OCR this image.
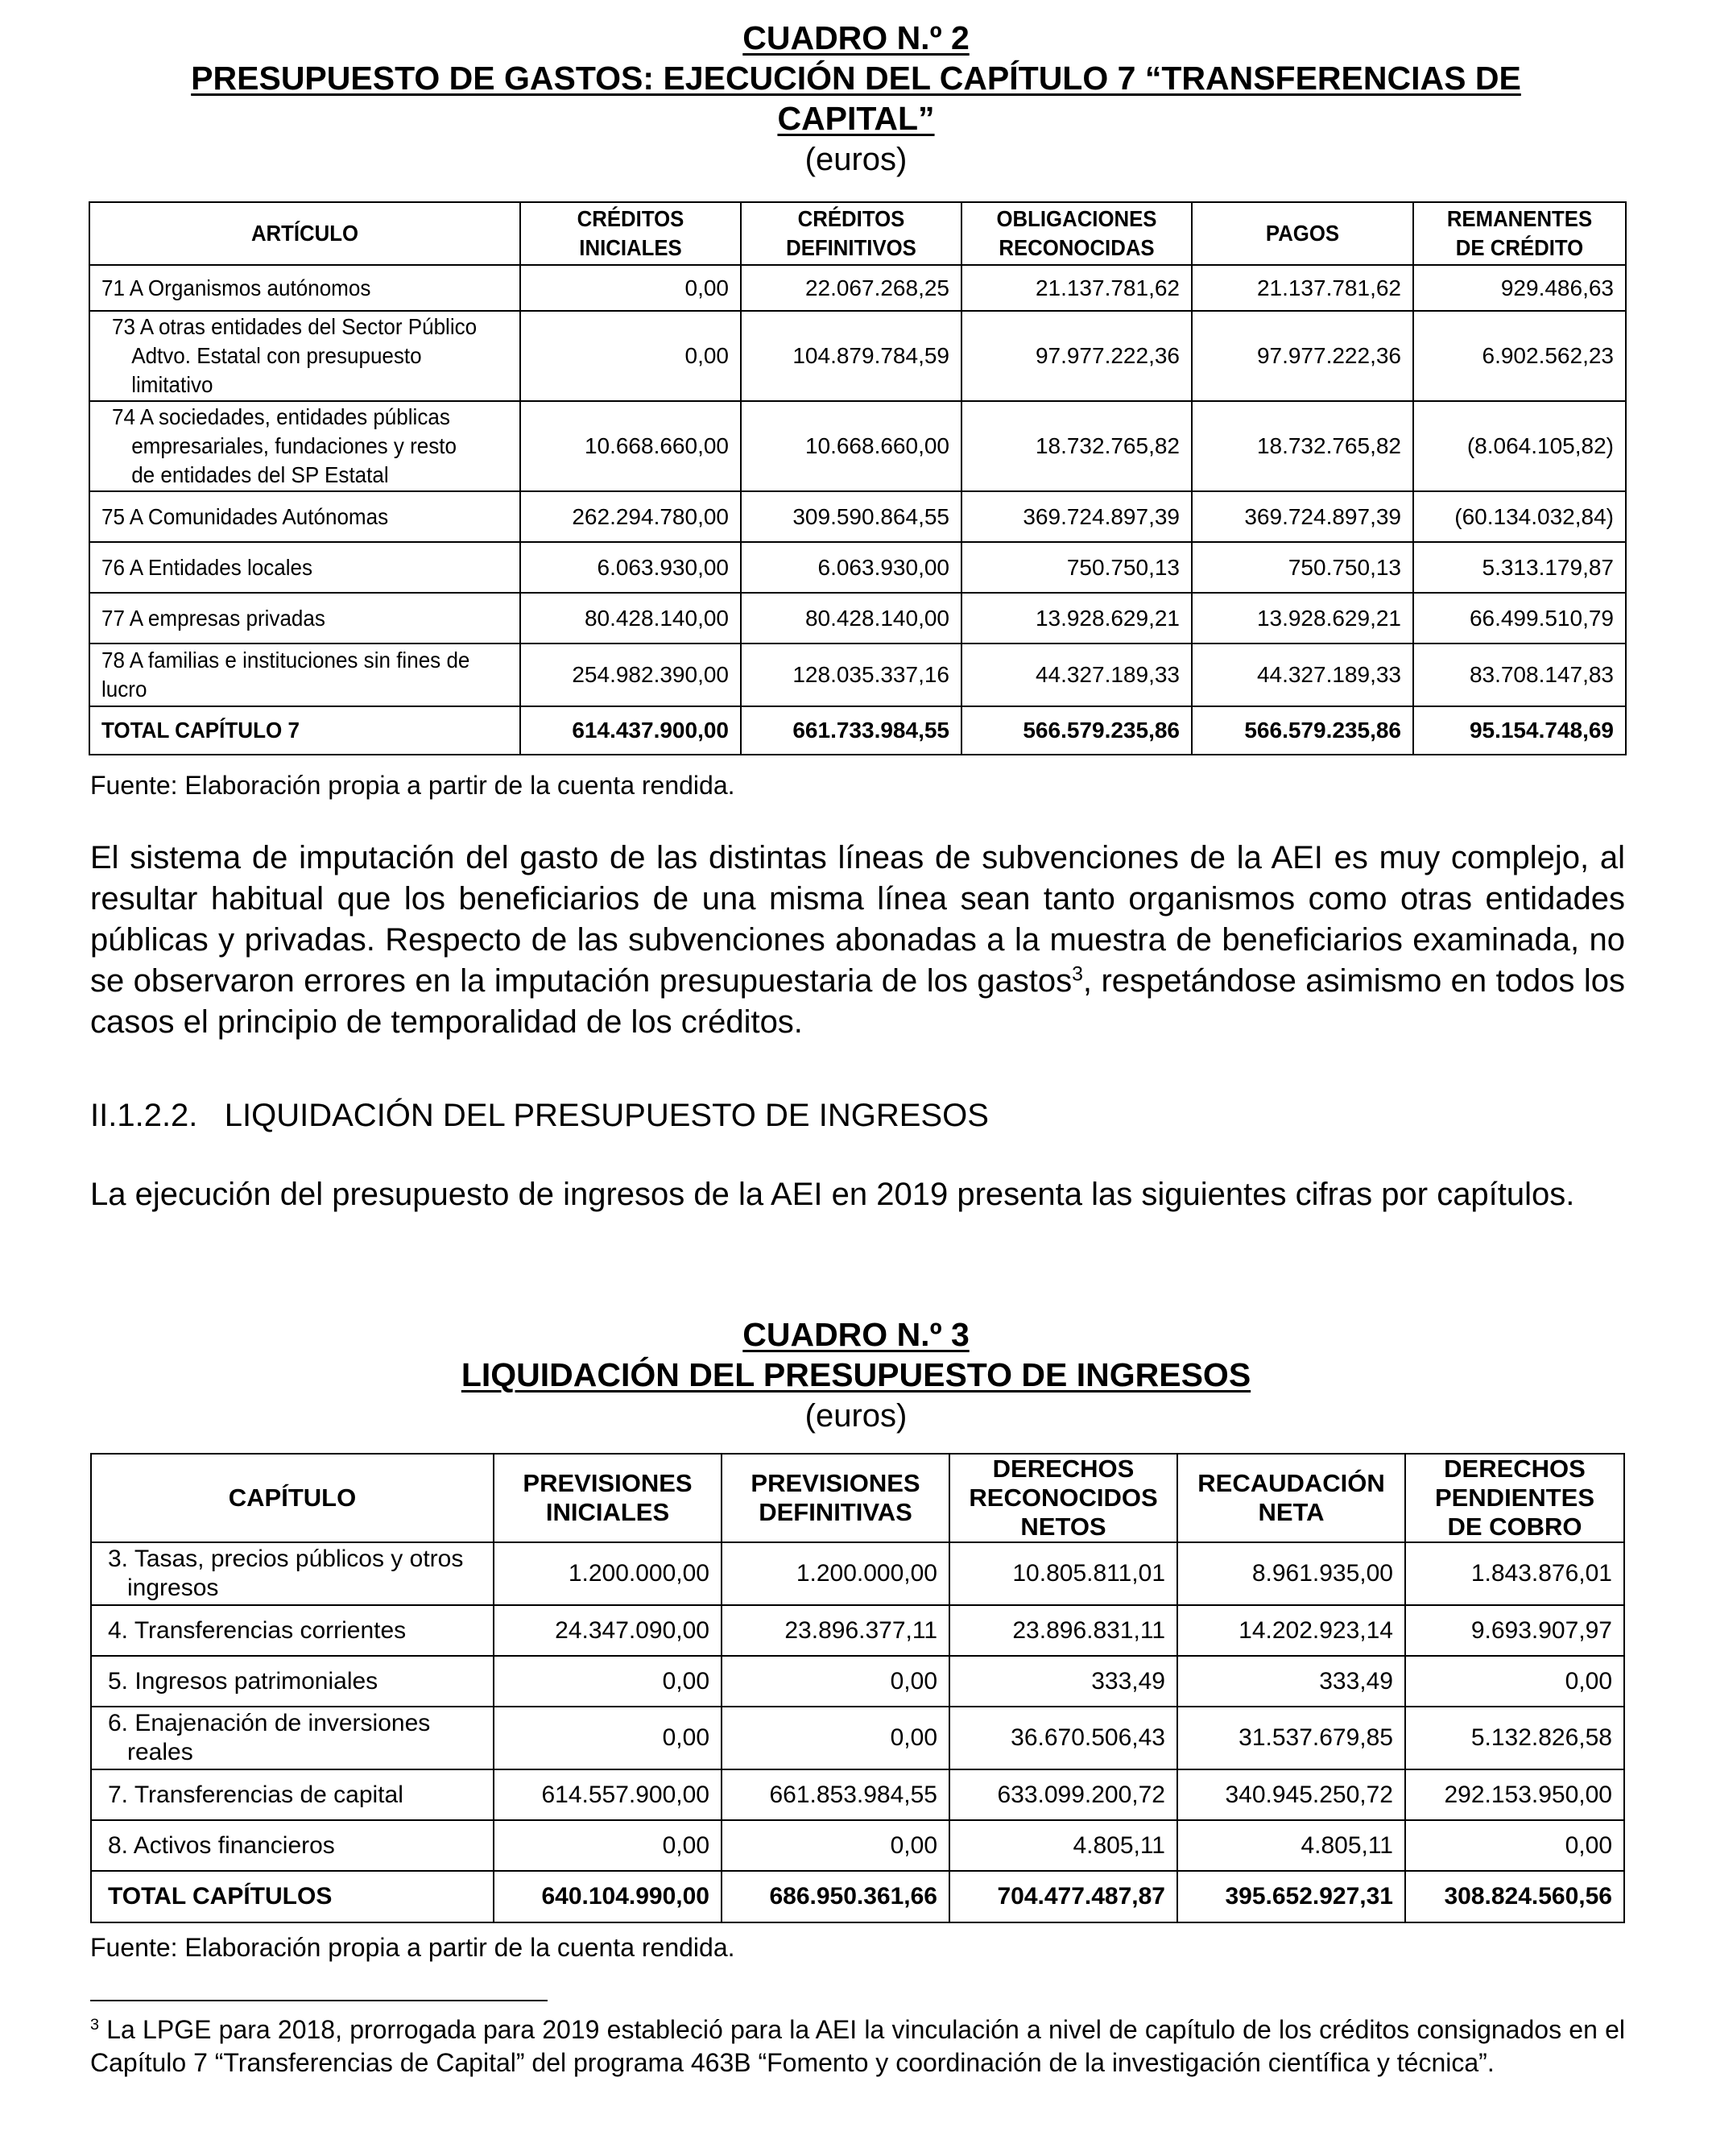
CUADRO N.º 2
PRESUPUESTO DE GASTOS: EJECUCIÓN DEL CAPÍTULO 7 “TRANSFERENCIAS DE
CAPITAL”
(euros)
ARTÍCULO	CRÉDITOS INICIALES	CRÉDITOS DEFINITIVOS	OBLIGACIONES RECONOCIDAS	PAGOS	REMANENTES DE CRÉDITO
71 A Organismos autónomos	0,00	22.067.268,25	21.137.781,62	21.137.781,62	929.486,63
73 A otras entidades del Sector Público Adtvo. Estatal con presupuesto limitativo	0,00	104.879.784,59	97.977.222,36	97.977.222,36	6.902.562,23
74 A sociedades, entidades públicas empresariales, fundaciones y resto de entidades del SP Estatal	10.668.660,00	10.668.660,00	18.732.765,82	18.732.765,82	(8.064.105,82)
75 A Comunidades Autónomas	262.294.780,00	309.590.864,55	369.724.897,39	369.724.897,39	(60.134.032,84)
76 A Entidades locales	6.063.930,00	6.063.930,00	750.750,13	750.750,13	5.313.179,87
77 A empresas privadas	80.428.140,00	80.428.140,00	13.928.629,21	13.928.629,21	66.499.510,79
78 A familias e instituciones sin fines de lucro	254.982.390,00	128.035.337,16	44.327.189,33	44.327.189,33	83.708.147,83
TOTAL CAPÍTULO 7	614.437.900,00	661.733.984,55	566.579.235,86	566.579.235,86	95.154.748,69
Fuente: Elaboración propia a partir de la cuenta rendida.
El sistema de imputación del gasto de las distintas líneas de subvenciones de la AEI es muy complejo, al resultar habitual que los beneficiarios de una misma línea sean tanto organismos como otras entidades públicas y privadas. Respecto de las subvenciones abonadas a la muestra de beneficiarios examinada, no se observaron errores en la imputación presupuestaria de los gastos$^3$, respetándose asimismo en todos los casos el principio de temporalidad de los créditos.
II.1.2.2. LIQUIDACIÓN DEL PRESUPUESTO DE INGRESOS
La ejecución del presupuesto de ingresos de la AEI en 2019 presenta las siguientes cifras por capítulos.
CUADRO N.º 3
LIQUIDACIÓN DEL PRESUPUESTO DE INGRESOS
(euros)
CAPÍTULO	PREVISIONES INICIALES	PREVISIONES DEFINITIVAS	DERECHOS RECONOCIDOS NETOS	RECAUDACIÓN NETA	DERECHOS PENDIENTES DE COBRO

3. Tasas, precios públicos y otros ingresos	1.200.000,00	1.200.000,00	10.805.811,01	8.961.935,00	1.843.876,01

4. Transferencias corrientes	24.347.090,00	23.896.377,11	23.896.831,11	14.202.923,14	9.693.907,97

5. Ingresos patrimoniales	0,00	0,00	333,49	333,49	0,00

6. Enajenación de inversiones reales	0,00	0,00	36.670.506,43	31.537.679,85	5.132.826,58

7. Transferencias de capital	614.557.900,00	661.853.984,55	633.099.200,72	340.945.250,72	292.153.950,00

8. Activos financieros	0,00	0,00	4.805,11	4.805,11	0,00

TOTAL CAPÍTULOS	640.104.990,00	686.950.361,66	704.477.487,87	395.652.927,31	308.824.560,56
Fuente: Elaboración propia a partir de la cuenta rendida.
$^3$ La LPGE para 2018, prorrogada para 2019 estableció para la AEI la vinculación a nivel de capítulo de los créditos consignados en el Capítulo 7 “Transferencias de Capital” del programa 463B “Fomento y coordinación de la investigación científica y técnica”.
